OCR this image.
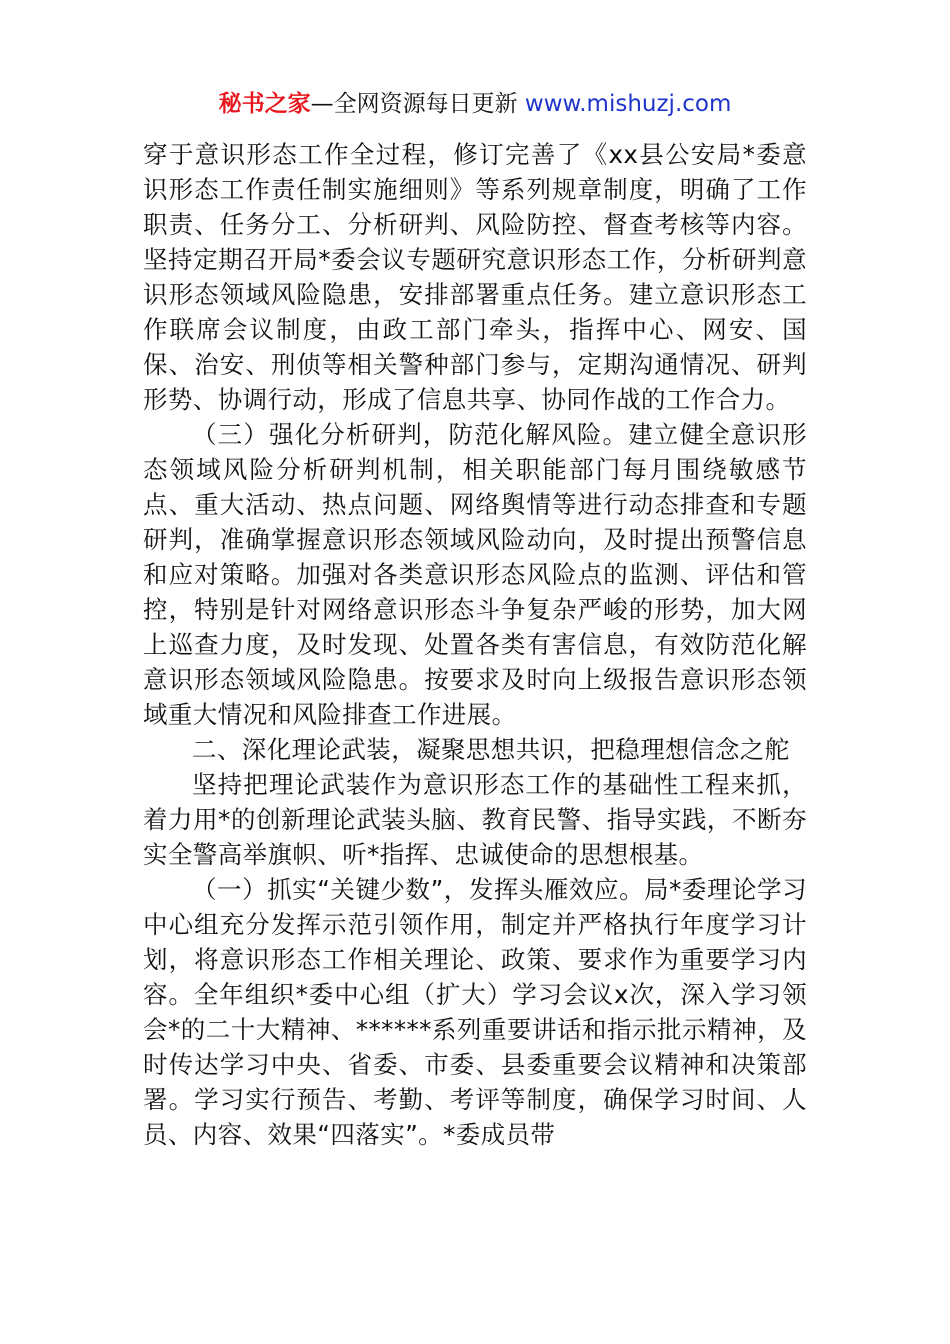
秘书之家—全网资源每日更新 www.mishuzj.com

穿于意识形态工作全过程，修订完善了《xx县公安局*委意识形态工作责任制实施细则》等系列规章制度，明确了工作职责、任务分工、分析研判、风险防控、督查考核等内容。坚持定期召开局*委会议专题研究意识形态工作，分析研判意识形态领域风险隐患，安排部署重点任务。建立意识形态工作联席会议制度，由政工部门牵头，指挥中心、网安、国保、治安、刑侦等相关警种部门参与，定期沟通情况、研判形势、协调行动，形成了信息共享、协同作战的工作合力。

（三）强化分析研判，防范化解风险。建立健全意识形态领域风险分析研判机制，相关职能部门每月围绕敏感节点、重大活动、热点问题、网络舆情等进行动态排查和专题研判，准确掌握意识形态领域风险动向，及时提出预警信息和应对策略。加强对各类意识形态风险点的监测、评估和管控，特别是针对网络意识形态斗争复杂严峻的形势，加大网上巡查力度，及时发现、处置各类有害信息，有效防范化解意识形态领域风险隐患。按要求及时向上级报告意识形态领域重大情况和风险排查工作进展。

二、深化理论武装，凝聚思想共识，把稳理想信念之舵

坚持把理论武装作为意识形态工作的基础性工程来抓，着力用*的创新理论武装头脑、教育民警、指导实践，不断夯实全警高举旗帜、听*指挥、忠诚使命的思想根基。

（一）抓实“关键少数”，发挥头雁效应。局*委理论学习中心组充分发挥示范引领作用，制定并严格执行年度学习计划，将意识形态工作相关理论、政策、要求作为重要学习内容。全年组织*委中心组（扩大）学习会议x次，深入学习领会*的二十大精神、******系列重要讲话和指示批示精神，及时传达学习中央、省委、市委、县委重要会议精神和决策部署。学习实行预告、考勤、考评等制度，确保学习时间、人员、内容、效果“四落实”。*委成员带
